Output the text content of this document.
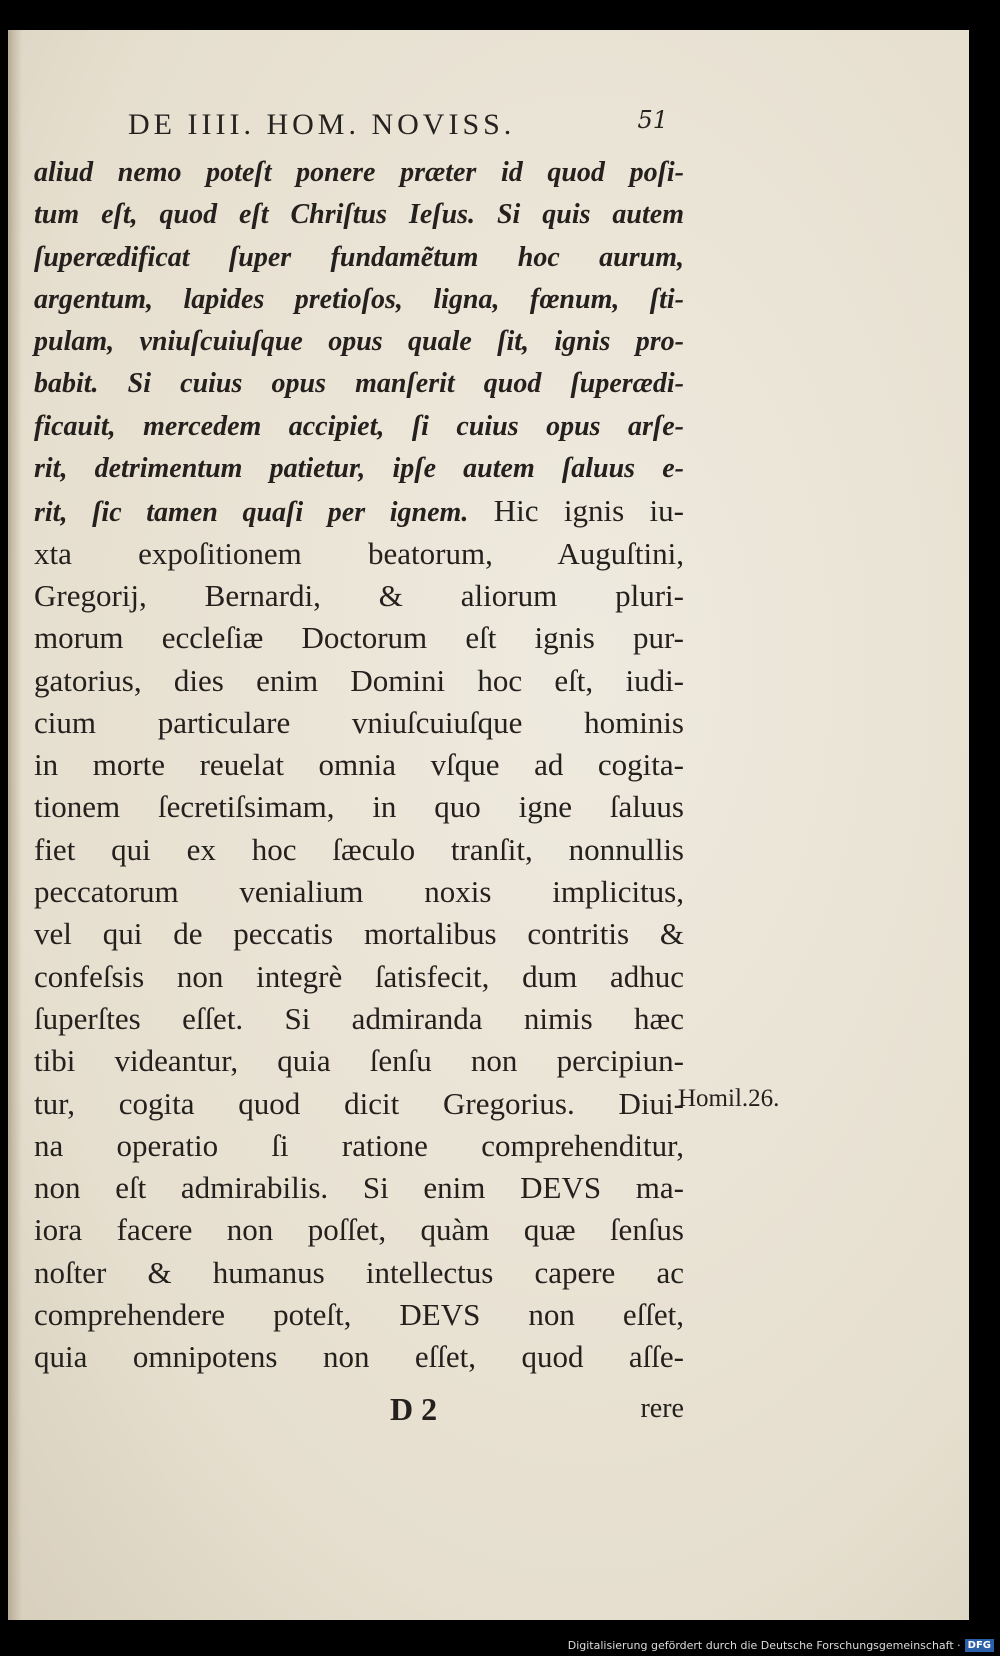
DE IIII. HOM. NOVISS.	51
aliud nemo poteſt ponere præter id quod poſi-
tum eſt, quod eſt Chriſtus Ieſus. Si quis autem
ſuperædificat ſuper fundamẽtum hoc aurum,
argentum, lapides pretioſos, ligna, fœnum, ſti-
pulam, vniuſcuiuſque opus quale ſit, ignis pro-
babit. Si cuius opus manſerit quod ſuperædi-
ficauit, mercedem accipiet, ſi cuius opus arſe-
rit, detrimentum patietur, ipſe autem ſaluus e-
rit, ſic tamen quaſi per ignem. Hic ignis iu-
xta expoſitionem beatorum, Auguſtini,
Gregorij, Bernardi, & aliorum pluri-
morum eccleſiæ Doctorum eſt ignis pur-
gatorius, dies enim Domini hoc eſt, iudi-
cium particulare vniuſcuiuſque hominis
in morte reuelat omnia vſque ad cogita-
tionem ſecretiſsimam, in quo igne ſaluus
fiet qui ex hoc ſæculo tranſit, nonnullis
peccatorum venialium noxis implicitus,
vel qui de peccatis mortalibus contritis &
confeſsis non integrè ſatisfecit, dum adhuc
ſuperſtes eſſet. Si admiranda nimis hæc
tibi videantur, quia ſenſu non percipiun-
tur, cogita quod dicit Gregorius. Diui-
na operatio ſi ratione comprehenditur,
non eſt admirabilis. Si enim DEVS ma-
iora facere non poſſet, quàm quæ ſenſus
noſter & humanus intellectus capere ac
comprehendere poteſt, DEVS non eſſet,
quia omnipotens non eſſet, quod aſſe-
Homil.26.
D 2	rere
Digitalisierung gefördert durch die Deutsche Forschungsgemeinschaft · DFG
